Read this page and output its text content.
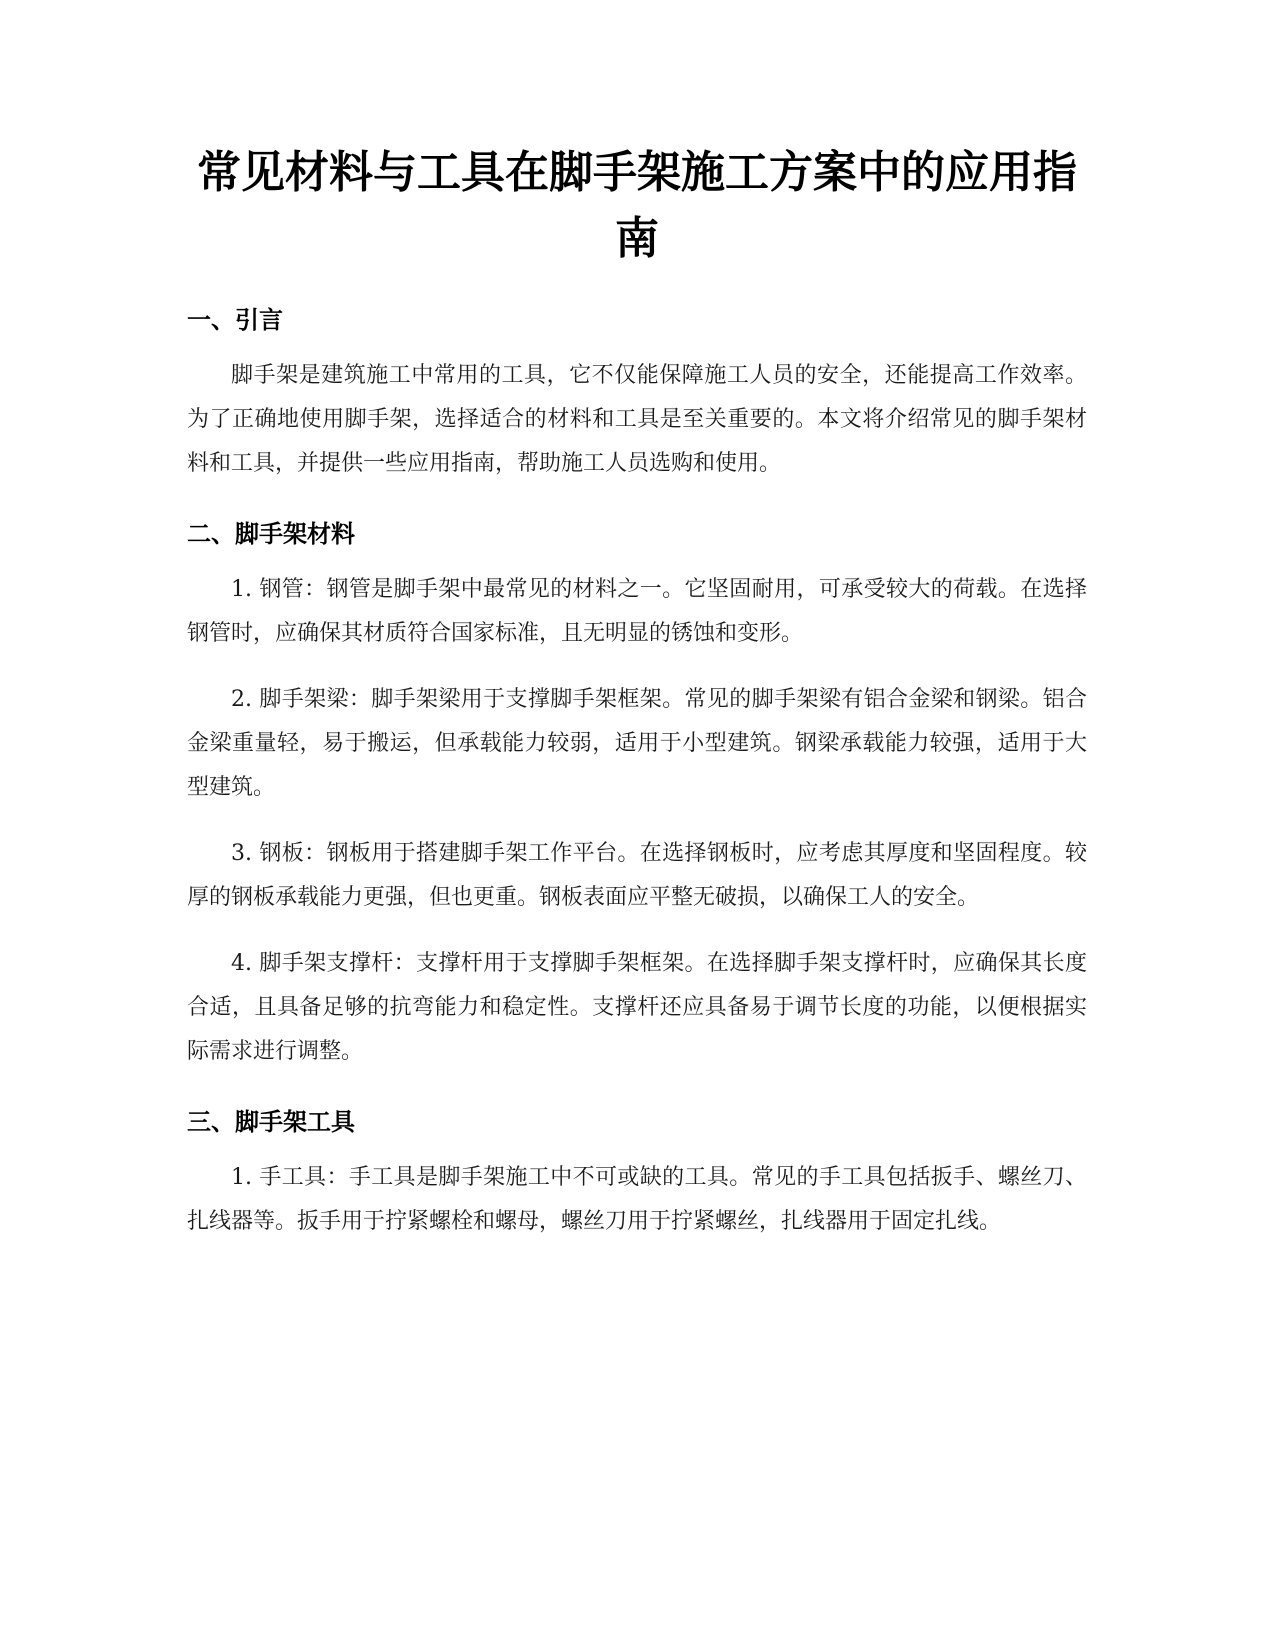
常见材料与工具在脚手架施工方案中的应用指南
一、引言

脚手架是建筑施工中常用的工具，它不仅能保障施工人员的安全，还能提高工作效率。为了正确地使用脚手架，选择适合的材料和工具是至关重要的。本文将介绍常见的脚手架材料和工具，并提供一些应用指南，帮助施工人员选购和使用。

二、脚手架材料

1. 钢管：钢管是脚手架中最常见的材料之一。它坚固耐用，可承受较大的荷载。在选择钢管时，应确保其材质符合国家标准，且无明显的锈蚀和变形。

2. 脚手架梁：脚手架梁用于支撑脚手架框架。常见的脚手架梁有铝合金梁和钢梁。铝合金梁重量轻，易于搬运，但承载能力较弱，适用于小型建筑。钢梁承载能力较强，适用于大型建筑。

3. 钢板：钢板用于搭建脚手架工作平台。在选择钢板时，应考虑其厚度和坚固程度。较厚的钢板承载能力更强，但也更重。钢板表面应平整无破损，以确保工人的安全。

4. 脚手架支撑杆：支撑杆用于支撑脚手架框架。在选择脚手架支撑杆时，应确保其长度合适，且具备足够的抗弯能力和稳定性。支撑杆还应具备易于调节长度的功能，以便根据实际需求进行调整。

三、脚手架工具

1. 手工具：手工具是脚手架施工中不可或缺的工具。常见的手工具包括扳手、螺丝刀、扎线器等。扳手用于拧紧螺栓和螺母，螺丝刀用于拧紧螺丝，扎线器用于固定扎线。
